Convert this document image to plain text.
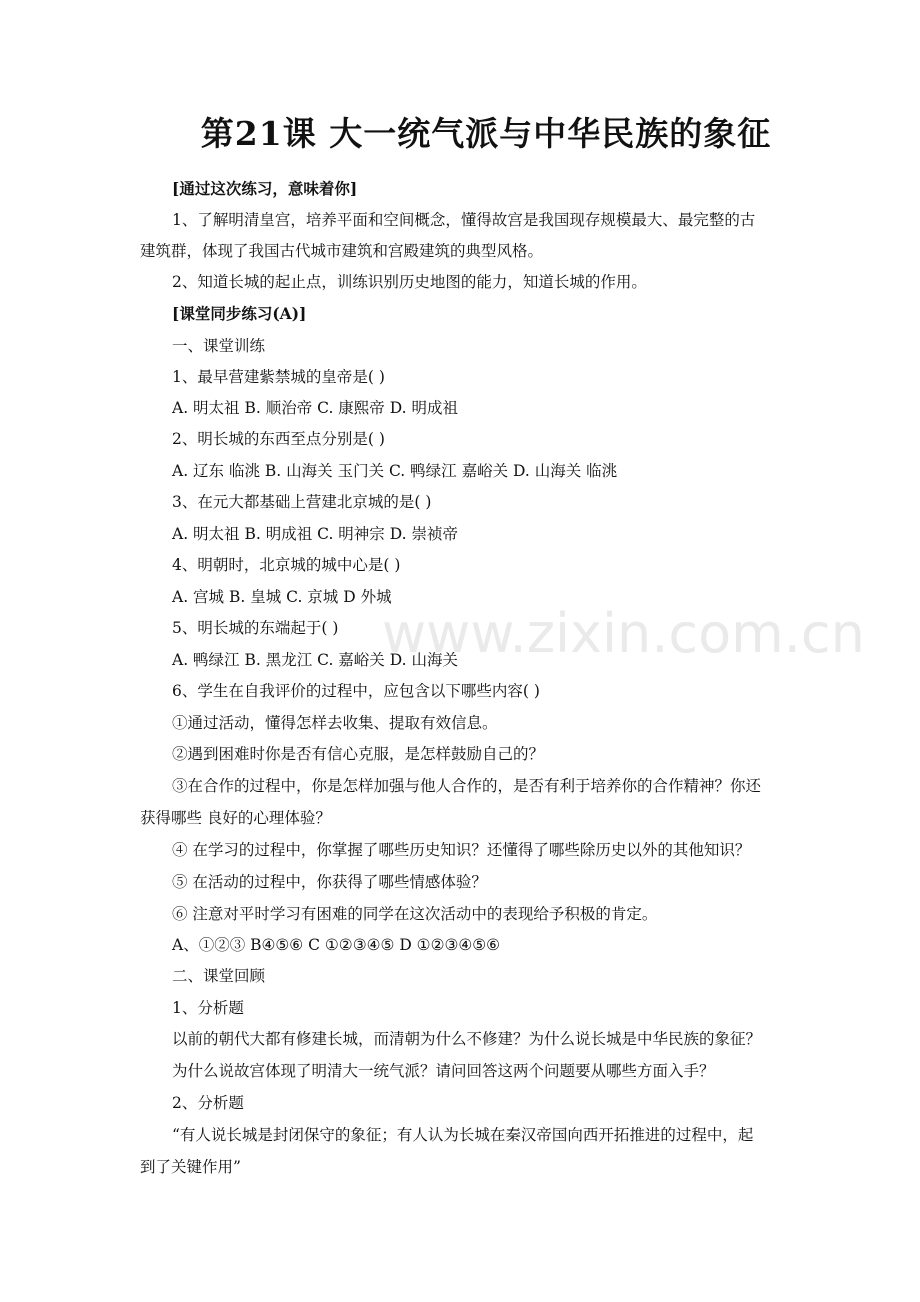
第21课 大一统气派与中华民族的象征
[通过这次练习，意味着你]
1、了解明清皇宫，培养平面和空间概念，懂得故宫是我国现存规模最大、最完整的古
建筑群，体现了我国古代城市建筑和宫殿建筑的典型风格。
2、知道长城的起止点，训练识别历史地图的能力，知道长城的作用。
[课堂同步练习(A)]
一、课堂训练
1、最早营建紫禁城的皇帝是( )
A. 明太祖 B. 顺治帝 C. 康熙帝 D. 明成祖
2、明长城的东西至点分别是( )
A. 辽东 临洮 B. 山海关 玉门关 C. 鸭绿江 嘉峪关 D. 山海关 临洮
3、在元大都基础上营建北京城的是( )
A. 明太祖 B. 明成祖 C. 明神宗 D. 崇祯帝
4、明朝时，北京城的城中心是( )
A. 宫城 B. 皇城 C. 京城 D 外城
5、明长城的东端起于( )
A. 鸭绿江 B. 黑龙江 C. 嘉峪关 D. 山海关
6、学生在自我评价的过程中，应包含以下哪些内容( )
①通过活动，懂得怎样去收集、提取有效信息。
②遇到困难时你是否有信心克服，是怎样鼓励自己的？
③在合作的过程中，你是怎样加强与他人合作的，是否有利于培养你的合作精神？你还
获得哪些 良好的心理体验？
④ 在学习的过程中，你掌握了哪些历史知识？还懂得了哪些除历史以外的其他知识？
⑤ 在活动的过程中，你获得了哪些情感体验？
⑥ 注意对平时学习有困难的同学在这次活动中的表现给予积极的肯定。
A、①②③ B④⑤⑥ C ①②③④⑤ D ①②③④⑤⑥
二、课堂回顾
1、分析题
以前的朝代大都有修建长城，而清朝为什么不修建？为什么说长城是中华民族的象征？
为什么说故宫体现了明清大一统气派？请问回答这两个问题要从哪些方面入手？
2、分析题
“有人说长城是封闭保守的象征；有人认为长城在秦汉帝国向西开拓推进的过程中，起
到了关键作用”
www.zixin.com.cn
